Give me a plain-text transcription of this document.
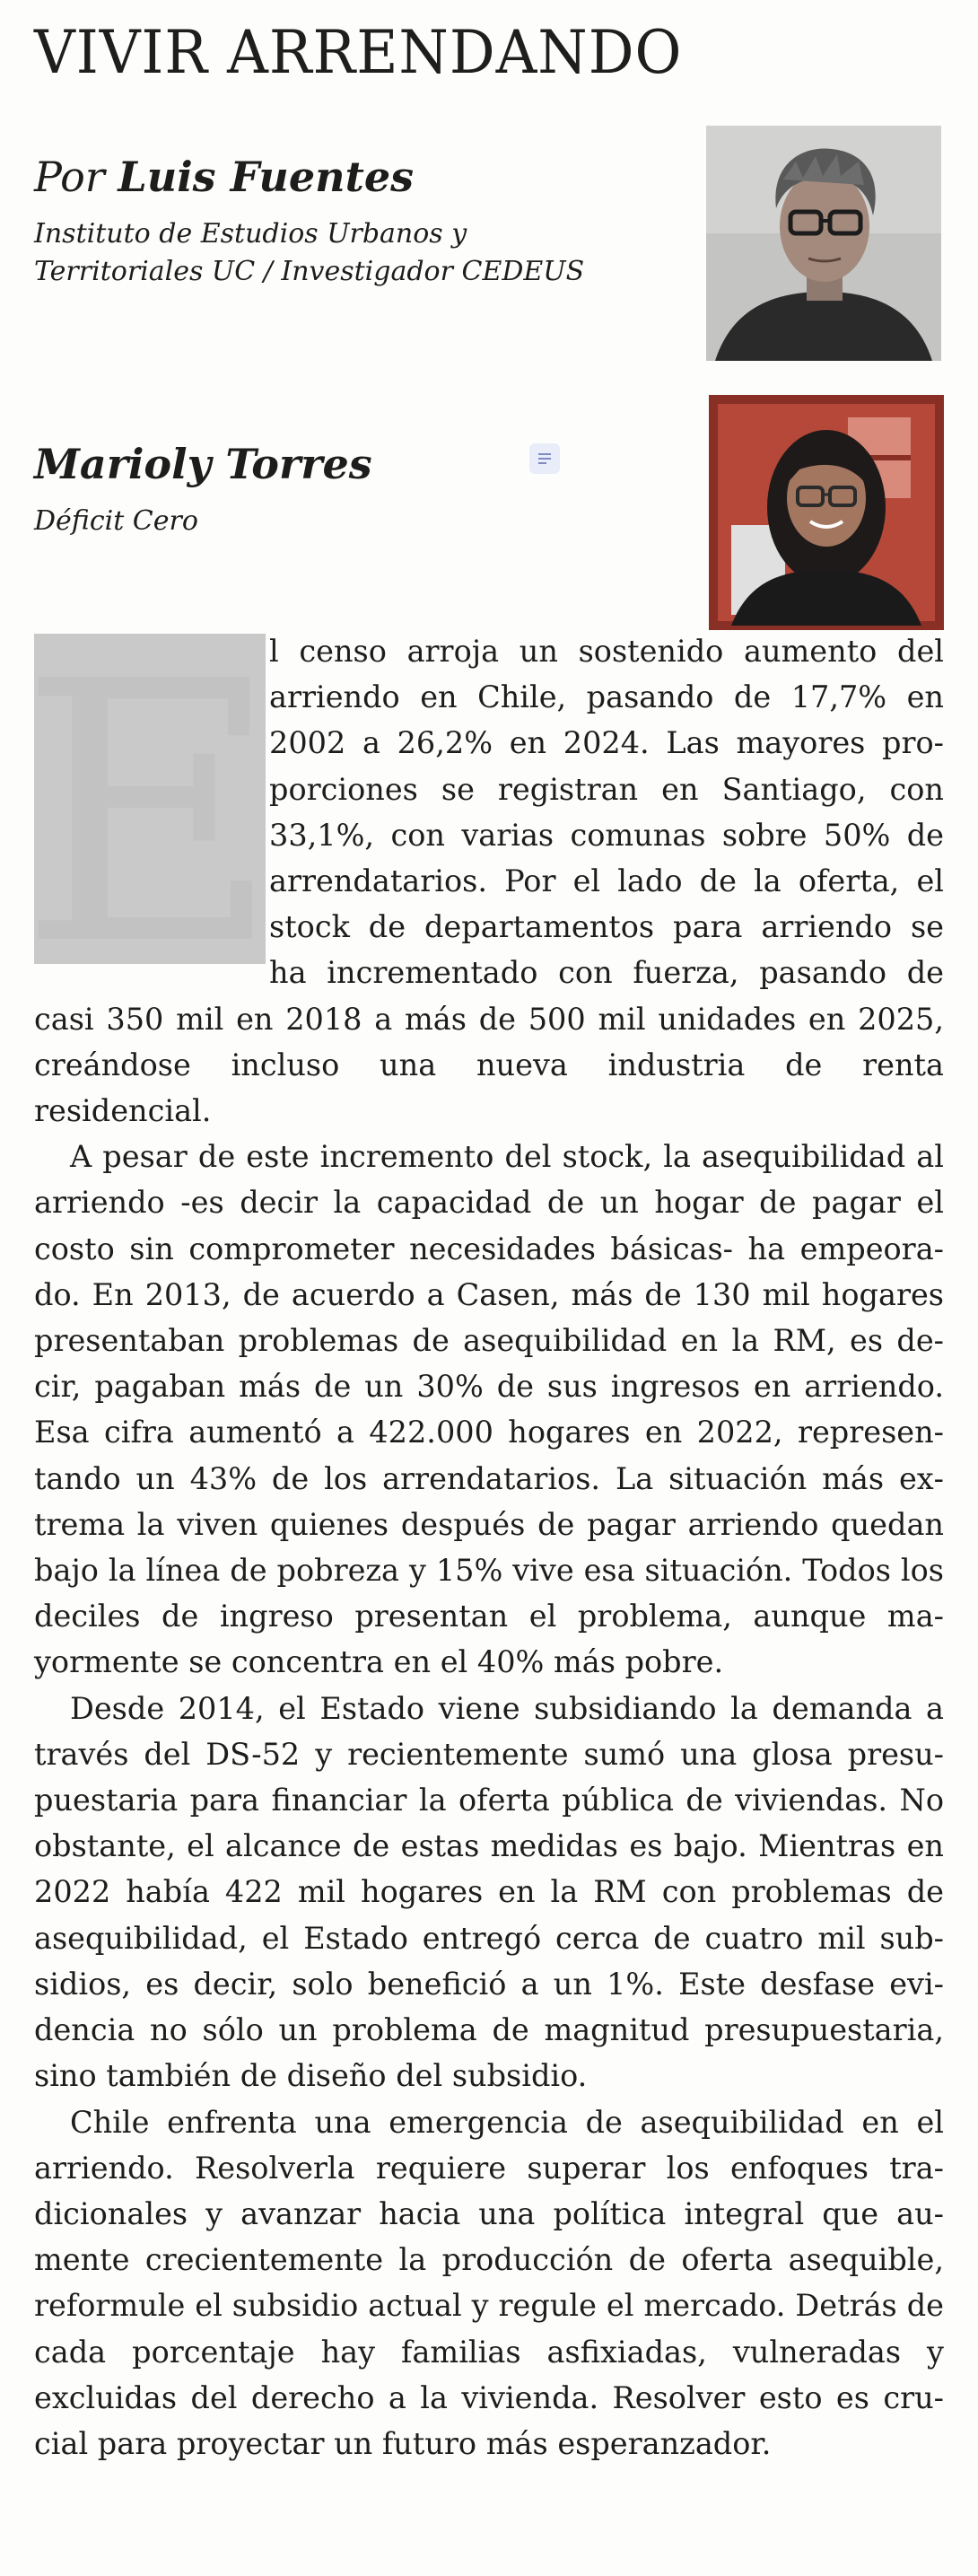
VIVIR ARRENDANDO

Por Luis Fuentes

Instituto de Estudios Urbanos y
Territoriales UC / Investigador CEDEUS

Marioly Torres

Déficit Cero
E

l censo arroja un sostenido aumento del arriendo en Chile, pasando de 17,7% en 2002 a 26,2% en 2024. Las mayores proporciones se registran en Santiago, con 33,1%, con varias comunas sobre 50% de arrendatarios. Por el lado de la oferta, el stock de departamentos para arriendo se ha incrementado con fuerza, pasando de casi 350 mil en 2018 a más de 500 mil unidades en 2025, creándose incluso una nueva industria de renta residencial.

A pesar de este incremento del stock, la asequibilidad al arriendo -es decir la capacidad de un hogar de pagar el costo sin comprometer necesidades básicas- ha empeorado. En 2013, de acuerdo a Casen, más de 130 mil hogares presentaban problemas de asequibilidad en la RM, es decir, pagaban más de un 30% de sus ingresos en arriendo. Esa cifra aumentó a 422.000 hogares en 2022, representando un 43% de los arrendatarios. La situación más extrema la viven quienes después de pagar arriendo quedan bajo la línea de pobreza y 15% vive esa situación. Todos los deciles de ingreso presentan el problema, aunque mayormente se concentra en el 40% más pobre.

Desde 2014, el Estado viene subsidiando la demanda a través del DS-52 y recientemente sumó una glosa presupuestaria para financiar la oferta pública de viviendas. No obstante, el alcance de estas medidas es bajo. Mientras en 2022 había 422 mil hogares en la RM con problemas de asequibilidad, el Estado entregó cerca de cuatro mil subsidios, es decir, solo benefició a un 1%. Este desfase evidencia no sólo un problema de magnitud presupuestaria, sino también de diseño del subsidio.

Chile enfrenta una emergencia de asequibilidad en el arriendo. Resolverla requiere superar los enfoques tradicionales y avanzar hacia una política integral que aumente crecientemente la producción de oferta asequible, reformule el subsidio actual y regule el mercado. Detrás de cada porcentaje hay familias asfixiadas, vulneradas y excluidas del derecho a la vivienda. Resolver esto es crucial para proyectar un futuro más esperanzador.
